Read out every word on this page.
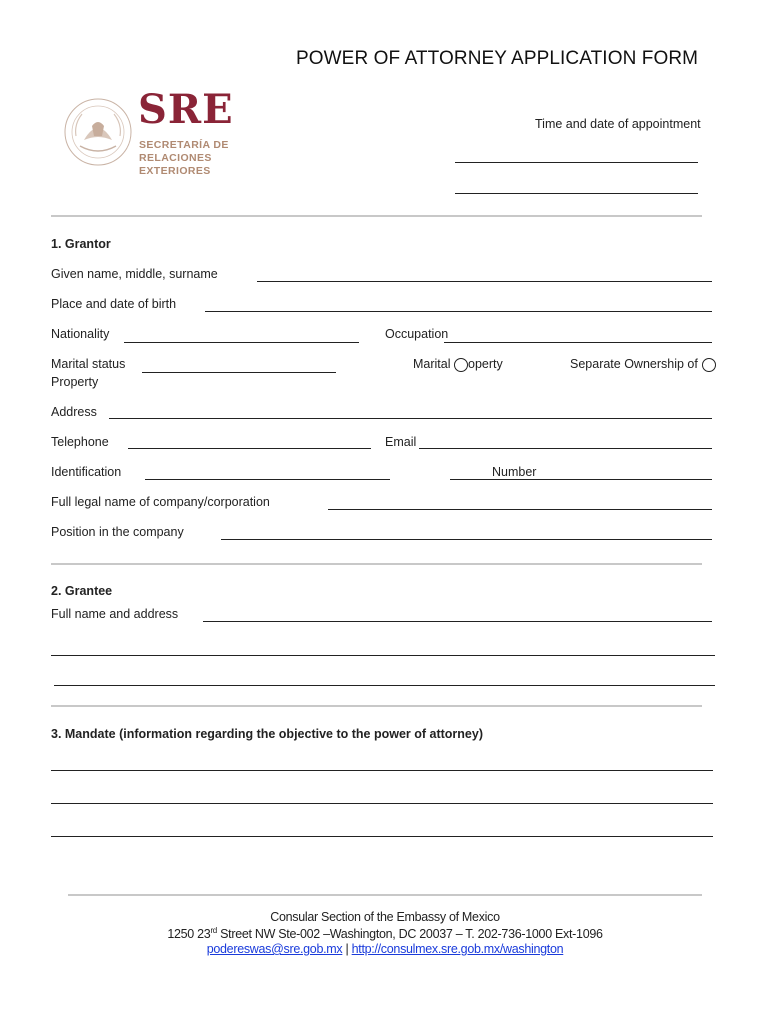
POWER OF ATTORNEY APPLICATION FORM
SRE
SECRETARÍA DE
RELACIONES
EXTERIORES
Time and date of appointment
1. Grantor
Given name, middle, surname
Place and date of birth
Nationality	Occupation
Marital status
Property
Marital operty	Separate Ownership of
Address
Telephone	Email
Identification	Number
Full legal name of company/corporation
Position in the company
2. Grantee
Full name and address
3. Mandate (information regarding the objective to the power of attorney)
Consular Section of the Embassy of Mexico
1250 23rd Street NW Ste-002 –Washington, DC 20037 – T. 202-736-1000 Ext-1096
podereswas@sre.gob.mx | http://consulmex.sre.gob.mx/washington
